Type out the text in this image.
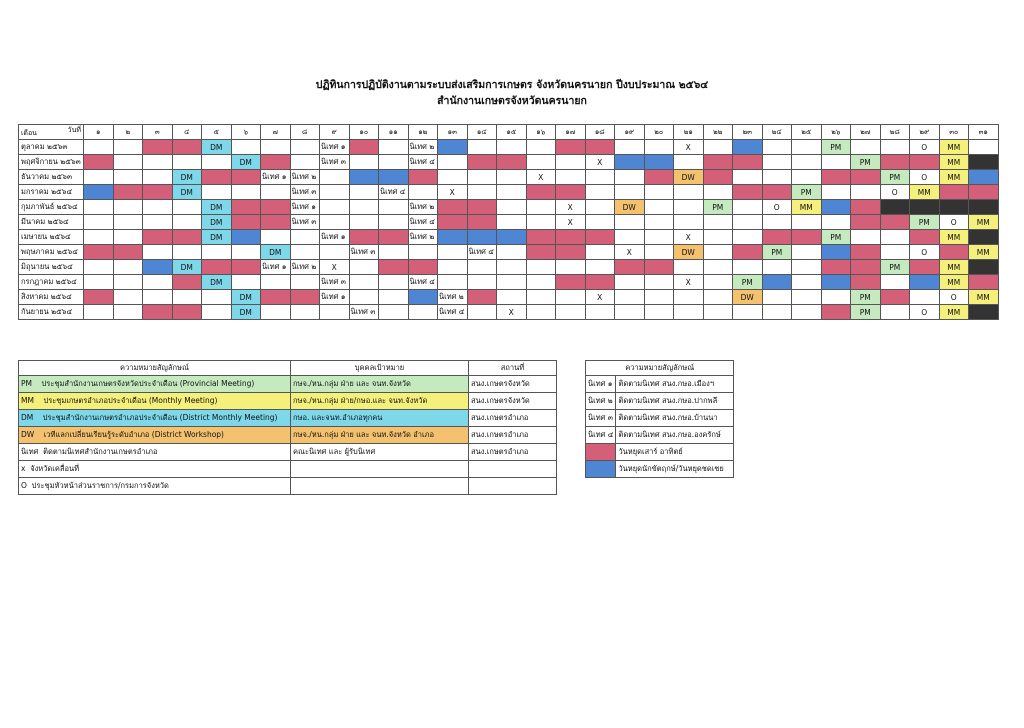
ปฏิทินการปฏิบัติงานตามระบบส่งเสริมการเกษตร จังหวัดนครนายก ปีงบประมาณ ๒๕๖๔
สำนักงานเกษตรจังหวัดนครนายก
เดือน วันที่	๑	๒	๓	๔	๕	๖	๗	๘	๙	๑๐	๑๑	๑๒	๑๓	๑๔	๑๕	๑๖	๑๗	๑๘	๑๙	๒๐	๒๑	๒๒	๒๓	๒๔	๒๕	๒๖	๒๗	๒๘	๒๙	๓๐	๓๑
ตุลาคม ๒๕๖๓					DM				นิเทศ ๑			นิเทศ ๒									X					PM			O	MM	
พฤศจิกายน ๒๕๖๓						DM			นิเทศ ๓			นิเทศ ๔						X									PM			MM	
ธันวาคม ๒๕๖๓				DM			นิเทศ ๑	นิเทศ ๒								X					DW							PM	O	MM	
มกราคม ๒๕๖๔				DM				นิเทศ ๓			นิเทศ ๔		X												PM			O	MM		
กุมภาพันธ์ ๒๕๖๔					DM			นิเทศ ๑				นิเทศ ๒					X		DW			PM		O	MM						
มีนาคม ๒๕๖๔					DM			นิเทศ ๓				นิเทศ ๔					X												PM	O	MM
เมษายน ๒๕๖๔					DM				นิเทศ ๑			นิเทศ ๒									X					PM				MM	
พฤษภาคม ๒๕๖๔							DM			นิเทศ ๓				นิเทศ ๔					X		DW			PM					O		MM
มิถุนายน ๒๕๖๔				DM			นิเทศ ๑	นิเทศ ๒	X																			PM		MM	
กรกฎาคม ๒๕๖๔					DM				นิเทศ ๓			นิเทศ ๔									X		PM							MM	
สิงหาคม ๒๕๖๔						DM			นิเทศ ๑				นิเทศ ๒					X					DW				PM			O	MM
กันยายน ๒๕๖๔						DM				นิเทศ ๓			นิเทศ ๔		X												PM		O	MM	
ความหมายสัญลักษณ์	บุคคลเป้าหมาย	สถานที่
PM    ประชุมสำนักงานเกษตรจังหวัดประจำเดือน (Provincial Meeting)	กษจ./หน.กลุ่ม ฝ่าย และ จนท.จังหวัด	สนง.เกษตรจังหวัด
MM    ประชุมเกษตรอำเภอประจำเดือน (Monthly Meeting)	กษจ./หน.กลุ่ม ฝ่าย/กษอ.และ จนท.จังหวัด	สนง.เกษตรจังหวัด
DM    ประชุมสำนักงานเกษตรอำเภอประจำเดือน (District Monthly Meeting)	กษอ. และจนท.อำเภอทุกคน	สนง.เกษตรอำเภอ
DW    เวทีแลกเปลี่ยนเรียนรู้ระดับอำเภอ (District Workshop)	กษจ./หน.กลุ่ม ฝ่าย และ จนท.จังหวัด อำเภอ	สนง.เกษตรอำเภอ
นิเทศ  ติดตามนิเทศสำนักงานเกษตรอำเภอ	คณะนิเทศ และ ผู้รับนิเทศ	สนง.เกษตรอำเภอ
x  จังหวัดเคลื่อนที่		
O  ประชุมหัวหน้าส่วนราชการ/กรมการจังหวัด		
ความหมายสัญลักษณ์	
นิเทศ ๑	ติดตามนิเทศ สนง.กษอ.เมืองฯ
นิเทศ ๒	ติดตามนิเทศ สนง.กษอ.ปากพลี
นิเทศ ๓	ติดตามนิเทศ สนง.กษอ.บ้านนา
นิเทศ ๔	ติดตามนิเทศ สนง.กษอ.องครักษ์
	วันหยุดเสาร์ อาทิตย์
	วันหยุดนักขัตฤกษ์/วันหยุดชดเชย
